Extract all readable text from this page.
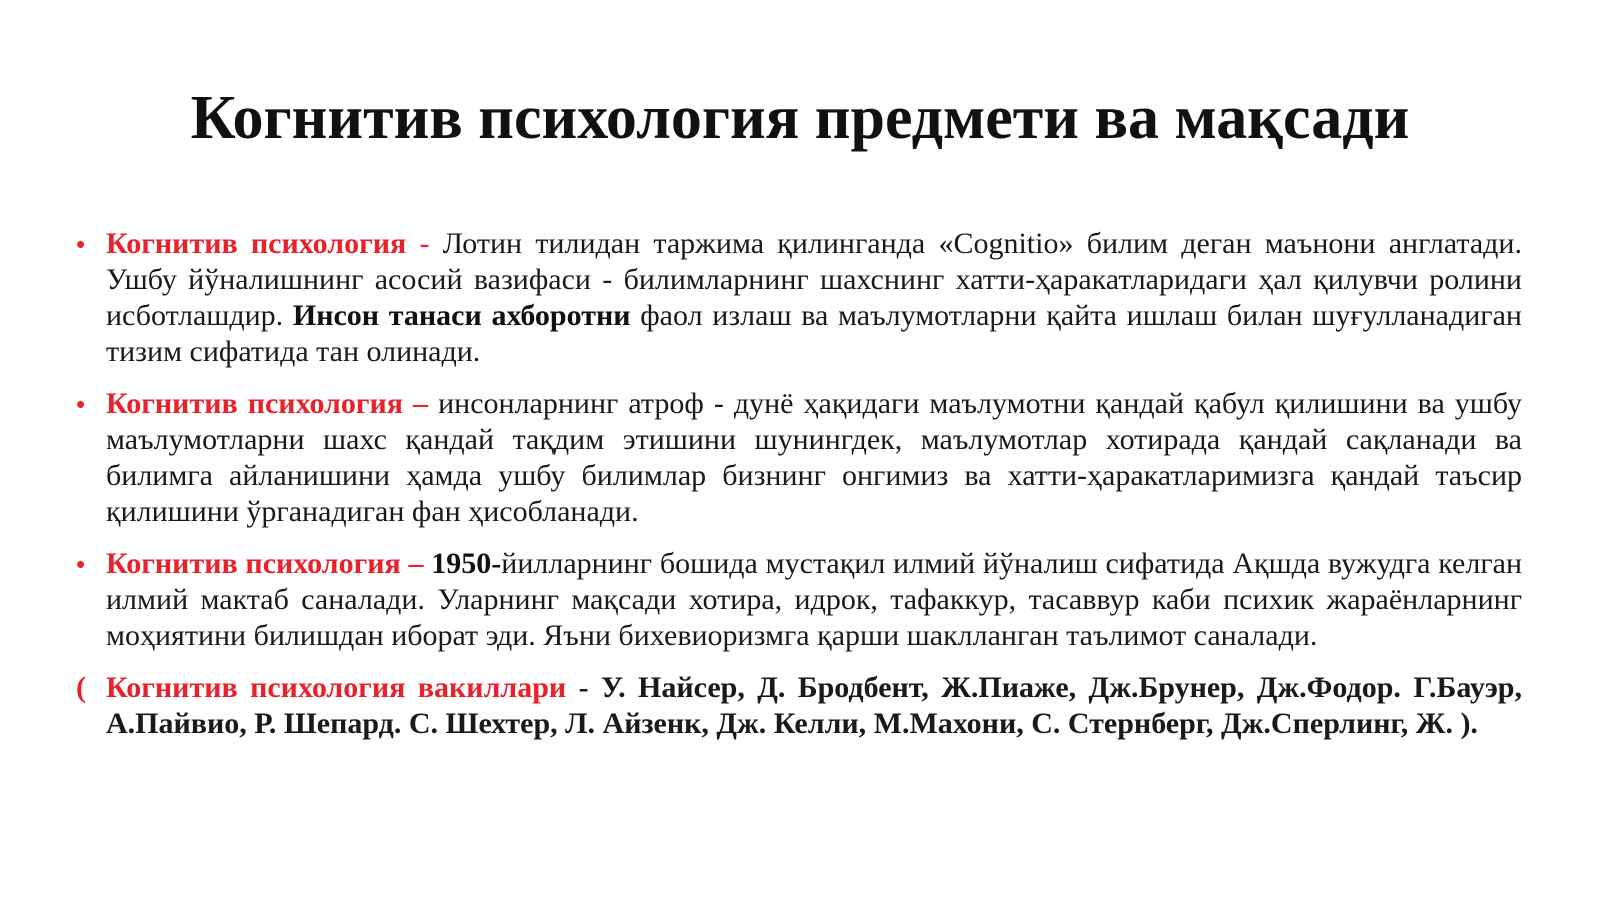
Когнитив психология предмети ва мақсади

• Когнитив психология - Лотин тилидан таржима қилинганда «Cognitio» билим деган маънони англатади. Ушбу йўналишнинг асосий вазифаси - билимларнинг шахснинг хатти-ҳаракатларидаги ҳал қилувчи ролини исботлашдир. Инсон танаси ахборотни фаол излаш ва маълумотларни қайта ишлаш билан шуғулланадиган тизим сифатида тан олинади.

• Когнитив психология – инсонларнинг атроф - дунё ҳақидаги маълумотни қандай қабул қилишини ва ушбу маълумотларни шахс қандай тақдим этишини шунингдек, маълумотлар хотирада қандай сақланади ва билимга айланишини ҳамда ушбу билимлар бизнинг онгимиз ва хатти-ҳаракатларимизга қандай таъсир қилишини ўрганадиган фан ҳисобланади.

• Когнитив психология – 1950-йилларнинг бошида мустақил илмий йўналиш сифатида Ақшда вужудга келган илмий мактаб саналади. Уларнинг мақсади хотира, идрок, тафаккур, тасаввур каби психик жараёнларнинг моҳиятини билишдан иборат эди. Яъни бихевиоризмга қарши шаклланган таълимот саналади.

( Когнитив психология вакиллари - У. Найсер, Д. Бродбент, Ж.Пиаже, Дж.Брунер, Дж.Фодор. Г.Бауэр, А.Пайвио, Р. Шепард. С. Шехтер, Л. Айзенк, Дж. Келли, М.Махони, С. Стернберг, Дж.Сперлинг, Ж. ).
